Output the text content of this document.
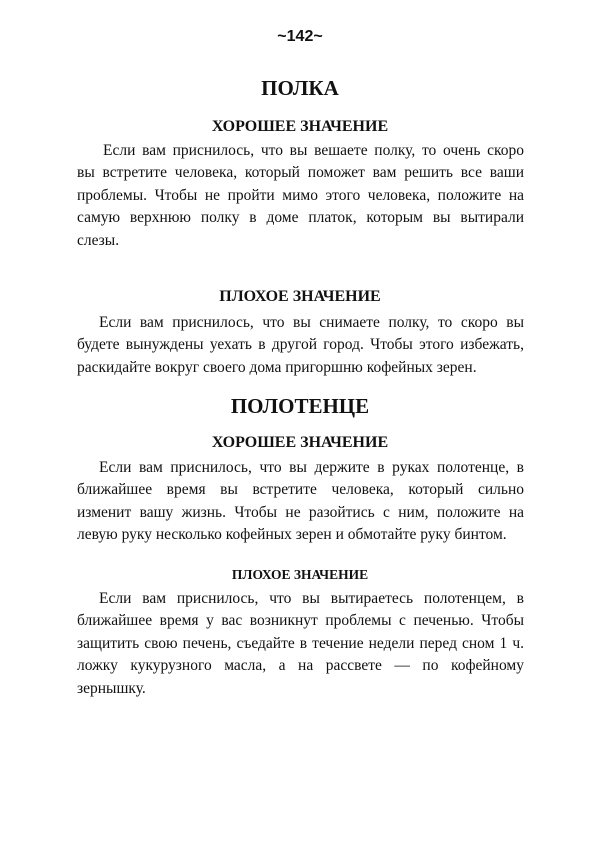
~142~
ПОЛКА
ХОРОШЕЕ ЗНАЧЕНИЕ
Если вам приснилось, что вы вешаете полку, то очень скоро
вы встретите человека, который поможет вам решить все ваши
проблемы. Чтобы не пройти мимо этого человека, положите на
самую верхнюю полку в доме платок, которым вы вытирали
слезы.
ПЛОХОЕ ЗНАЧЕНИЕ
Если вам приснилось, что вы снимаете полку, то скоро вы
будете вынуждены уехать в другой город. Чтобы этого избежать,
раскидайте вокруг своего дома пригоршню кофейных зерен.
ПОЛОТЕНЦЕ
ХОРОШЕЕ ЗНАЧЕНИЕ
Если вам приснилось, что вы держите в руках полотенце, в
ближайшее время вы встретите человека, который сильно
изменит вашу жизнь. Чтобы не разойтись с ним, положите на
левую руку несколько кофейных зерен и обмотайте руку бинтом.
ПЛОХОЕ ЗНАЧЕНИЕ
Если вам приснилось, что вы вытираетесь полотенцем, в
ближайшее время у вас возникнут проблемы с печенью. Чтобы
защитить свою печень, съедайте в течение недели перед сном 1 ч.
ложку кукурузного масла, а на рассвете — по кофейному
зернышку.
